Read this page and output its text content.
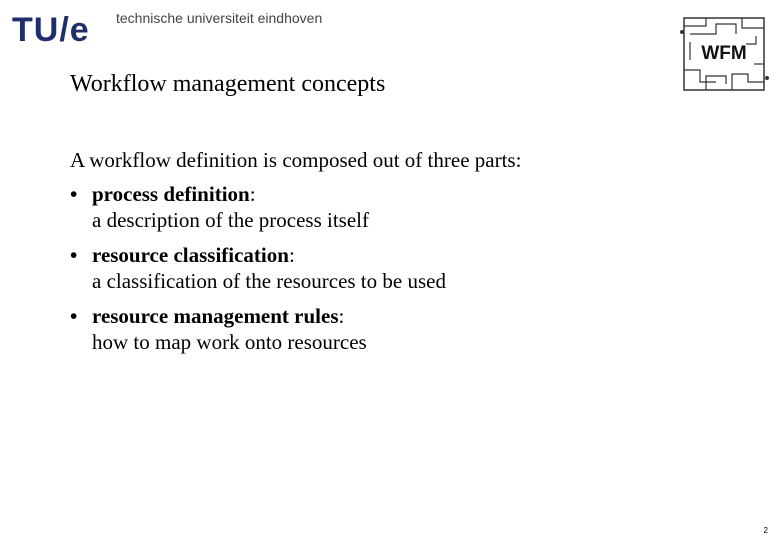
TU/e technische universiteit eindhoven
WFM
Workflow management concepts
A workflow definition is composed out of three parts:
• process definition:
a description of the process itself
• resource classification:
a classification of the resources to be used
• resource management rules:
how to map work onto resources
2
